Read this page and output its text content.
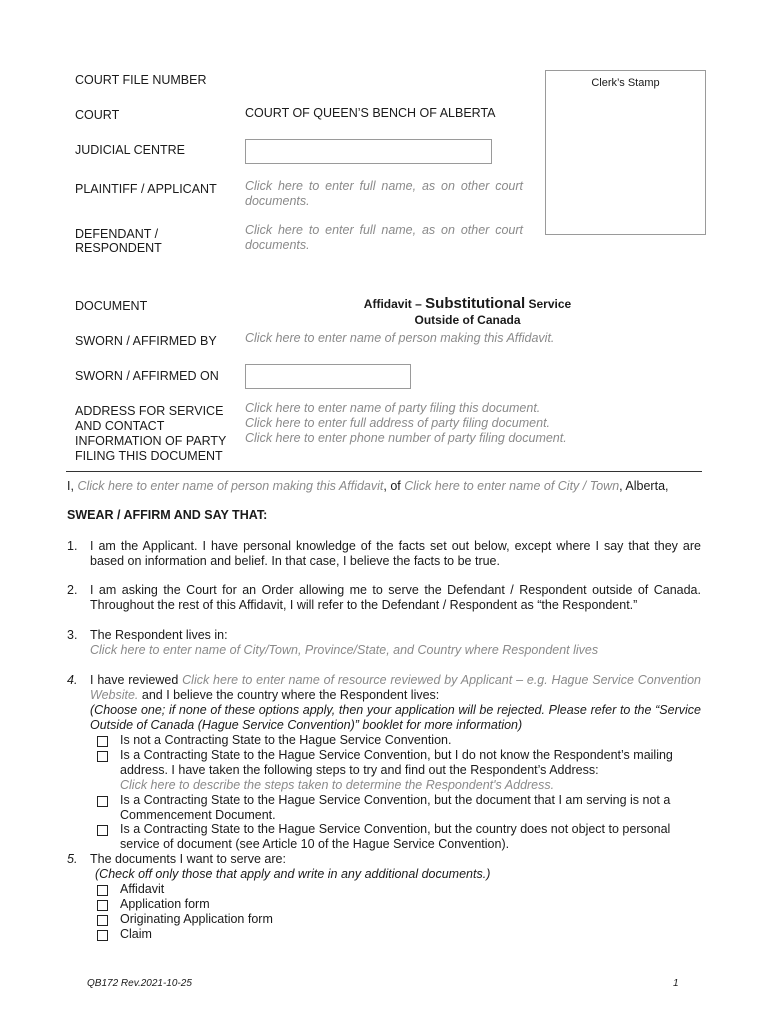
COURT FILE NUMBER	Clerk’s Stamp
COURT	COURT OF QUEEN’S BENCH OF ALBERTA
JUDICIAL CENTRE
PLAINTIFF / APPLICANT Click here to enter full name, as on other court documents.
DEFENDANT /
RESPONDENT
Click here to enter full name, as on other court documents.
DOCUMENT	Affidavit – Substitutional Service
Outside of Canada
SWORN / AFFIRMED BY Click here to enter name of person making this Affidavit.
SWORN / AFFIRMED ON
ADDRESS FOR SERVICE
AND CONTACT
INFORMATION OF PARTY
FILING THIS DOCUMENT
Click here to enter name of party filing this document.
Click here to enter full address of party filing document.
Click here to enter phone number of party filing document.
I, Click here to enter name of person making this Affidavit, of Click here to enter name of City / Town, Alberta,
SWEAR / AFFIRM AND SAY THAT:
1. I am the Applicant. I have personal knowledge of the facts set out below, except where I say that they are based on information and belief. In that case, I believe the facts to be true.
2. I am asking the Court for an Order allowing me to serve the Defendant / Respondent outside of Canada. Throughout the rest of this Affidavit, I will refer to the Defendant / Respondent as “the Respondent.”
3. The Respondent lives in:
Click here to enter name of City/Town, Province/State, and Country where Respondent lives
4. I have reviewed Click here to enter name of resource reviewed by Applicant – e.g. Hague Service Convention Website. and I believe the country where the Respondent lives:
(Choose one; if none of these options apply, then your application will be rejected. Please refer to the “Service Outside of Canada (Hague Service Convention)” booklet for more information)
Is not a Contracting State to the Hague Service Convention.
Is a Contracting State to the Hague Service Convention, but I do not know the Respondent’s mailing address. I have taken the following steps to try and find out the Respondent’s Address:
Click here to describe the steps taken to determine the Respondent's Address.
Is a Contracting State to the Hague Service Convention, but the document that I am serving is not a Commencement Document.
Is a Contracting State to the Hague Service Convention, but the country does not object to personal service of document (see Article 10 of the Hague Service Convention).
5. The documents I want to serve are:
(Check off only those that apply and write in any additional documents.)
Affidavit
Application form
Originating Application form
Claim
QB172 Rev.2021-10-25	1
